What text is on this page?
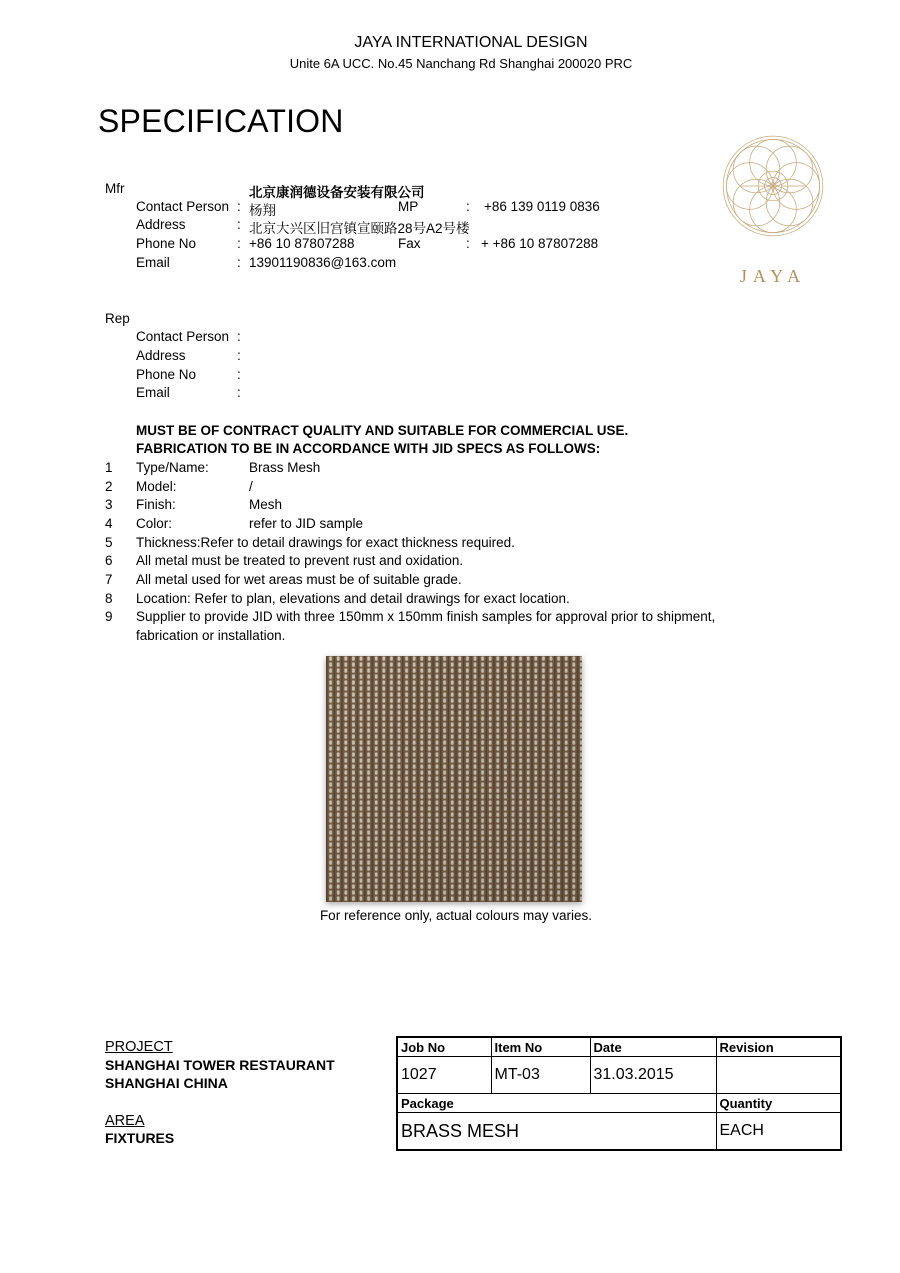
JAYA INTERNATIONAL DESIGN
Unite 6A UCC. No.45 Nanchang Rd Shanghai 200020 PRC
SPECIFICATION
JAYA
Mfr	北京康润德设备安装有限公司
Contact Person : 杨翔	MP	: +86 139 0119 0836
Address	: 北京大兴区旧宫镇宣颐路28号A2号楼
Phone No	: +86 10 87807288	Fax	: + +86 10 87807288
Email	: 13901190836@163.com
Rep
Contact Person :
Address	:
Phone No	:
Email	:
MUST BE OF CONTRACT QUALITY AND SUITABLE FOR COMMERCIAL USE.
FABRICATION TO BE IN ACCORDANCE WITH JID SPECS AS FOLLOWS:
1 Type/Name:	Brass Mesh
2 Model:	/
3 Finish:	Mesh
4 Color:	refer to JID sample
5 Thickness:Refer to detail drawings for exact thickness required.
6 All metal must be treated to prevent rust and oxidation.
7 All metal used for wet areas must be of suitable grade.
8 Location: Refer to plan, elevations and detail drawings for exact location.
9 Supplier to provide JID with three 150mm x 150mm finish samples for approval prior to shipment,
fabrication or installation.
For reference only, actual colours may varies.
PROJECT
SHANGHAI TOWER RESTAURANT
SHANGHAI CHINA
AREA
FIXTURES
Job No	Item No	Date	Revision
1027	MT-03	31.03.2015	
Package			Quantity
BRASS MESH			EACH
